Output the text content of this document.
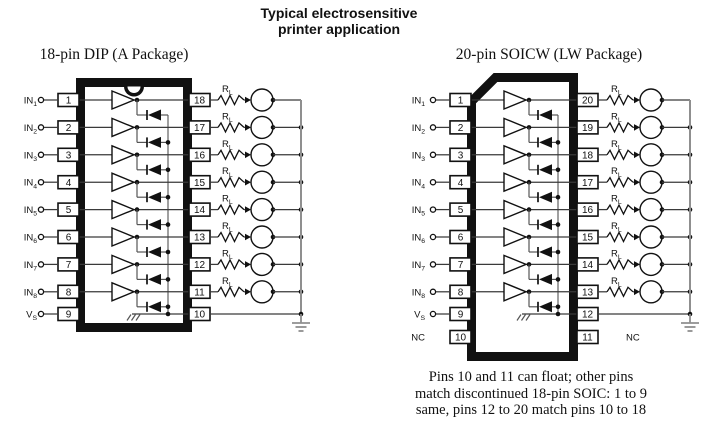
Typical electrosensitive
printer application
18-pin DIP (A Package)	20-pin SOICW (LW Package)
1
$IN_1$
2
$IN_2$
3
$IN_3$
4
$IN_4$
5
$IN_5$
6
$IN_6$
7
$IN_7$
8
$IN_8$
9
$V_S$
18
$R_L$
17
$R_L$
16
$R_L$
15
$R_L$
14
$R_L$
13
$R_L$
12
$R_L$
11
$R_L$
10
1
$IN_1$
2
$IN_2$
3
$IN_3$
4
$IN_4$
5
$IN_5$
6
$IN_6$
7
$IN_7$
8
$IN_8$
9
$V_S$
10
NC
20
$R_L$
19
$R_L$
18
$R_L$
17
$R_L$
16
$R_L$
15
$R_L$
14
$R_L$
13
$R_L$
12
11	NC
Pins 10 and 11 can float; other pins
match discontinued 18-pin SOIC: 1 to 9
same, pins 12 to 20 match pins 10 to 18
